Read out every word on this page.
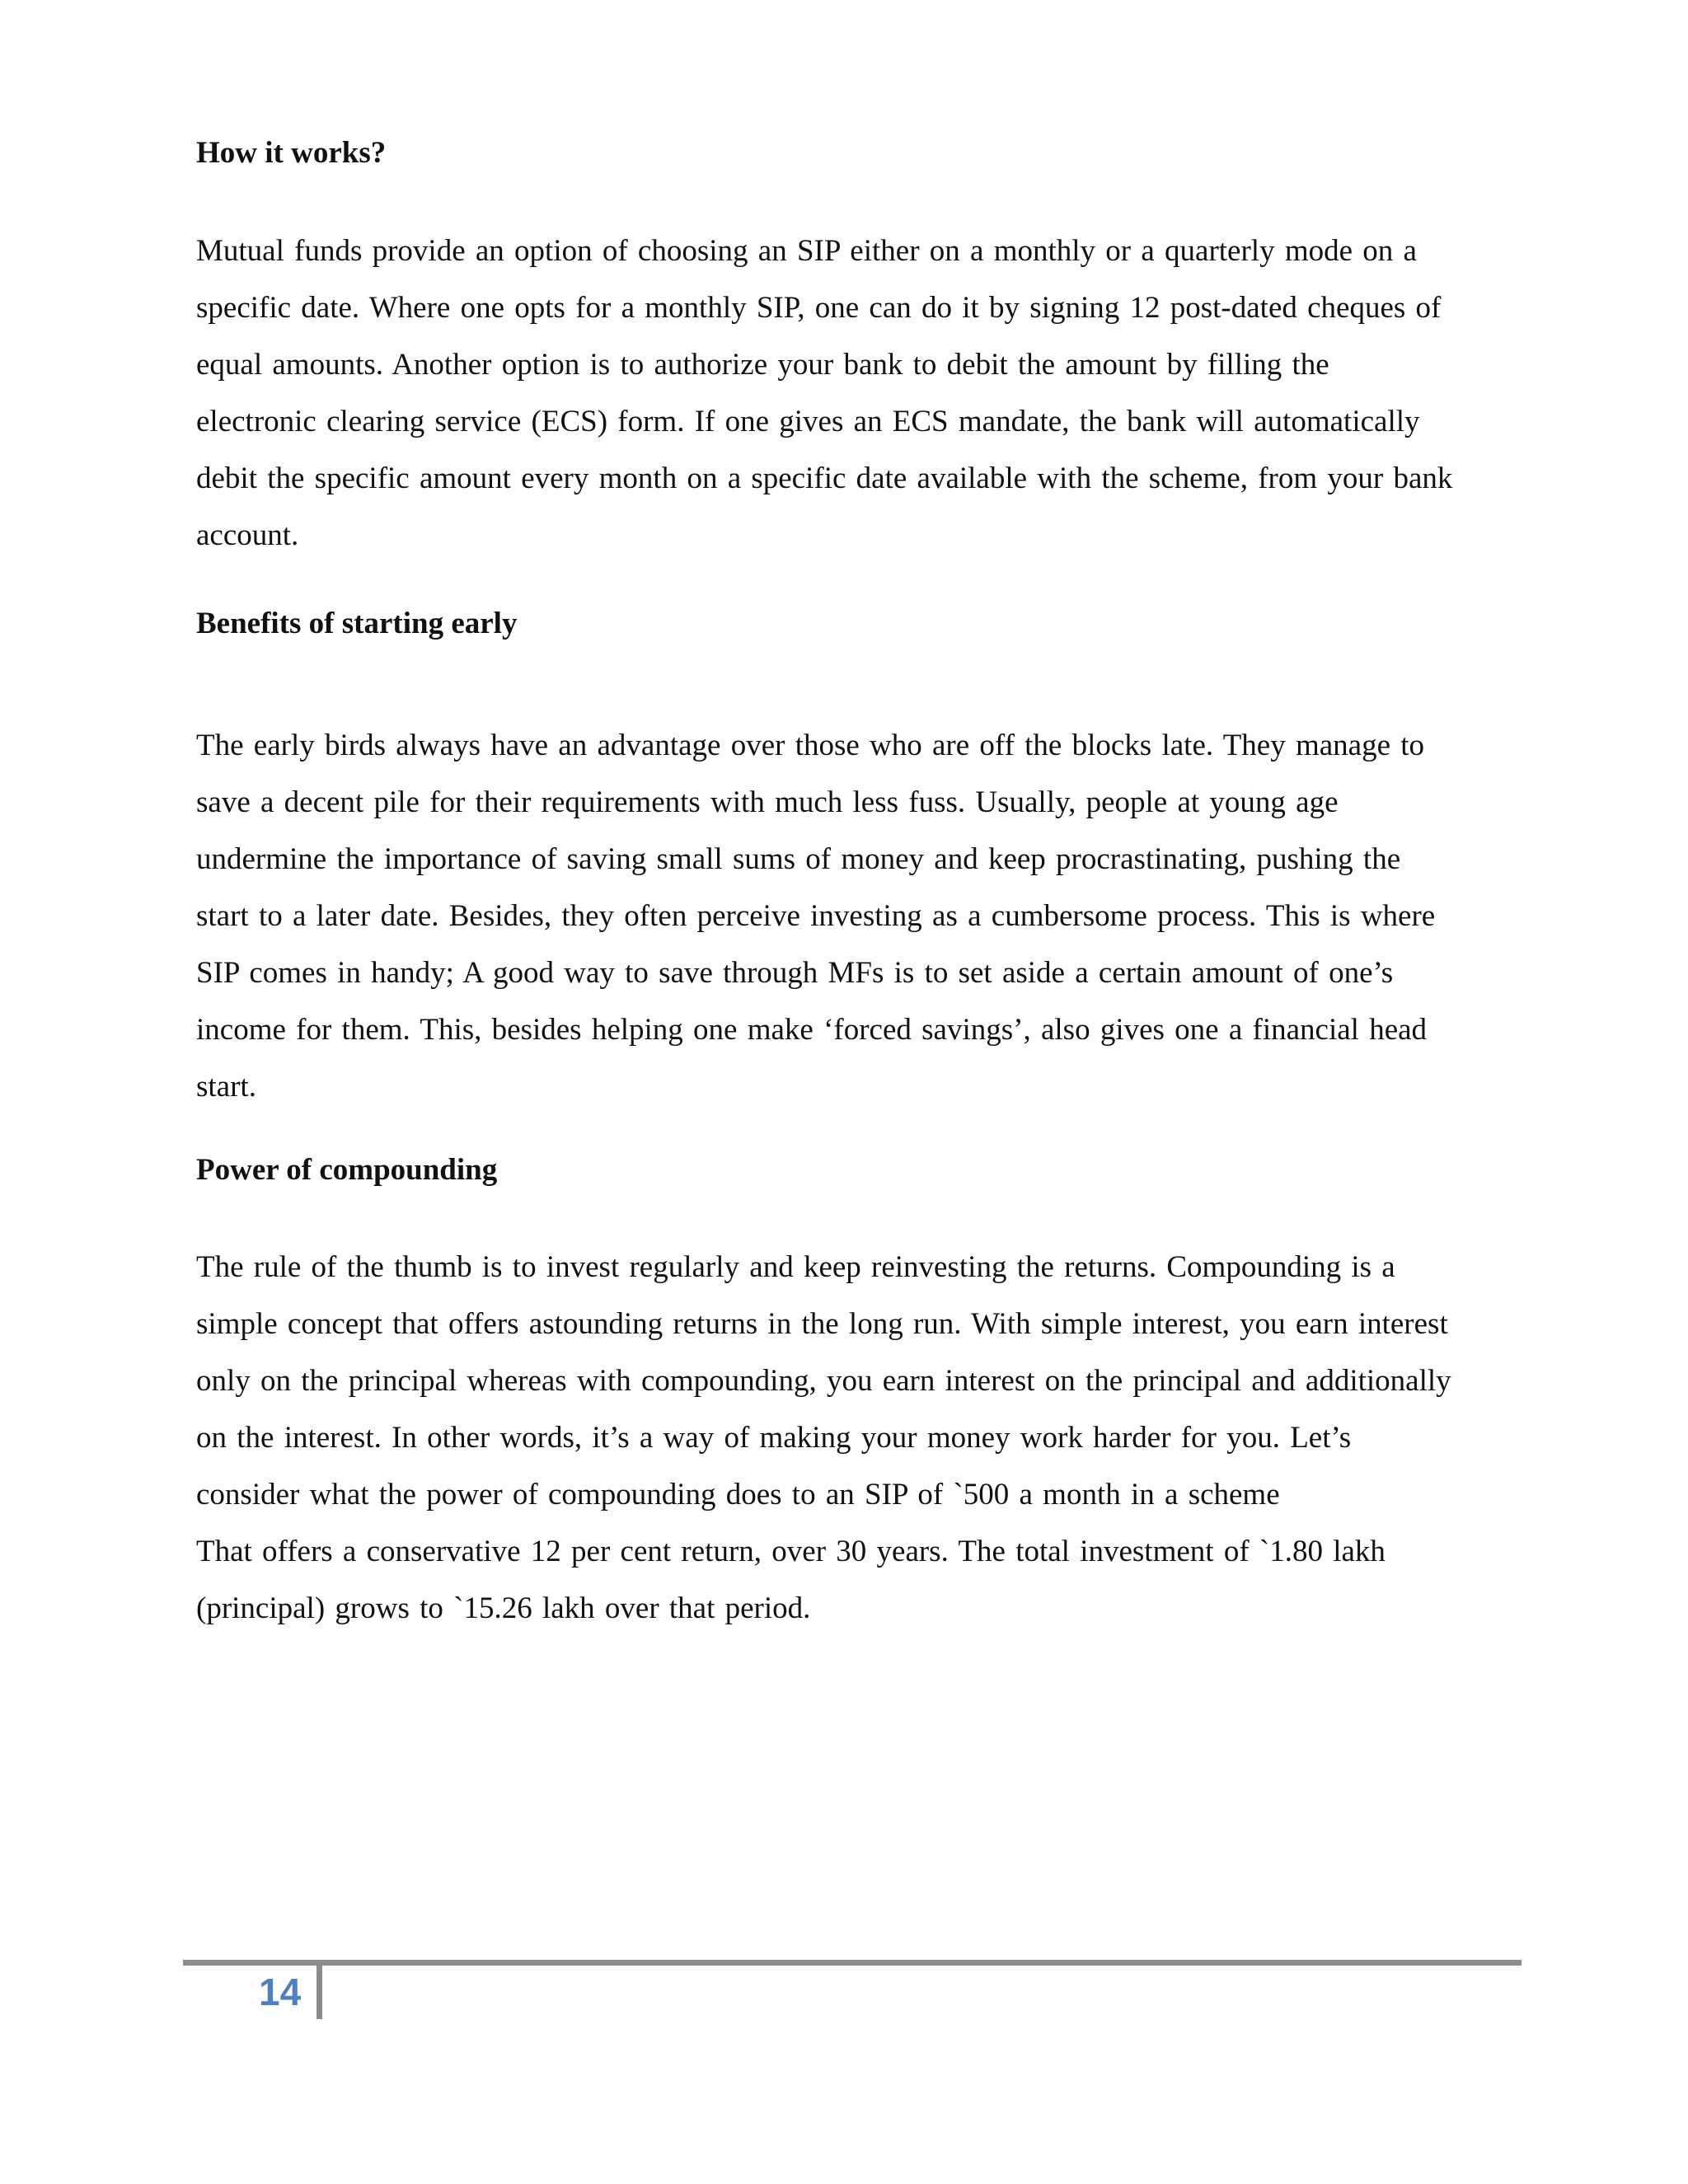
How it works?

Mutual funds provide an option of choosing an SIP either on a monthly or a quarterly mode on a
specific date. Where one opts for a monthly SIP, one can do it by signing 12 post-dated cheques of
equal amounts. Another option is to authorize your bank to debit the amount by filling the
electronic clearing service (ECS) form. If one gives an ECS mandate, the bank will automatically
debit the specific amount every month on a specific date available with the scheme, from your bank
account.

Benefits of starting early

The early birds always have an advantage over those who are off the blocks late. They manage to
save a decent pile for their requirements with much less fuss. Usually, people at young age
undermine the importance of saving small sums of money and keep procrastinating, pushing the
start to a later date. Besides, they often perceive investing as a cumbersome process. This is where
SIP comes in handy; A good way to save through MFs is to set aside a certain amount of one’s
income for them. This, besides helping one make ‘forced savings’, also gives one a financial head
start.

Power of compounding

The rule of the thumb is to invest regularly and keep reinvesting the returns. Compounding is a
simple concept that offers astounding returns in the long run. With simple interest, you earn interest
only on the principal whereas with compounding, you earn interest on the principal and additionally
on the interest. In other words, it’s a way of making your money work harder for you. Let’s
consider what the power of compounding does to an SIP of `500 a month in a scheme
That offers a conservative 12 per cent return, over 30 years. The total investment of `1.80 lakh
(principal) grows to `15.26 lakh over that period.

14
